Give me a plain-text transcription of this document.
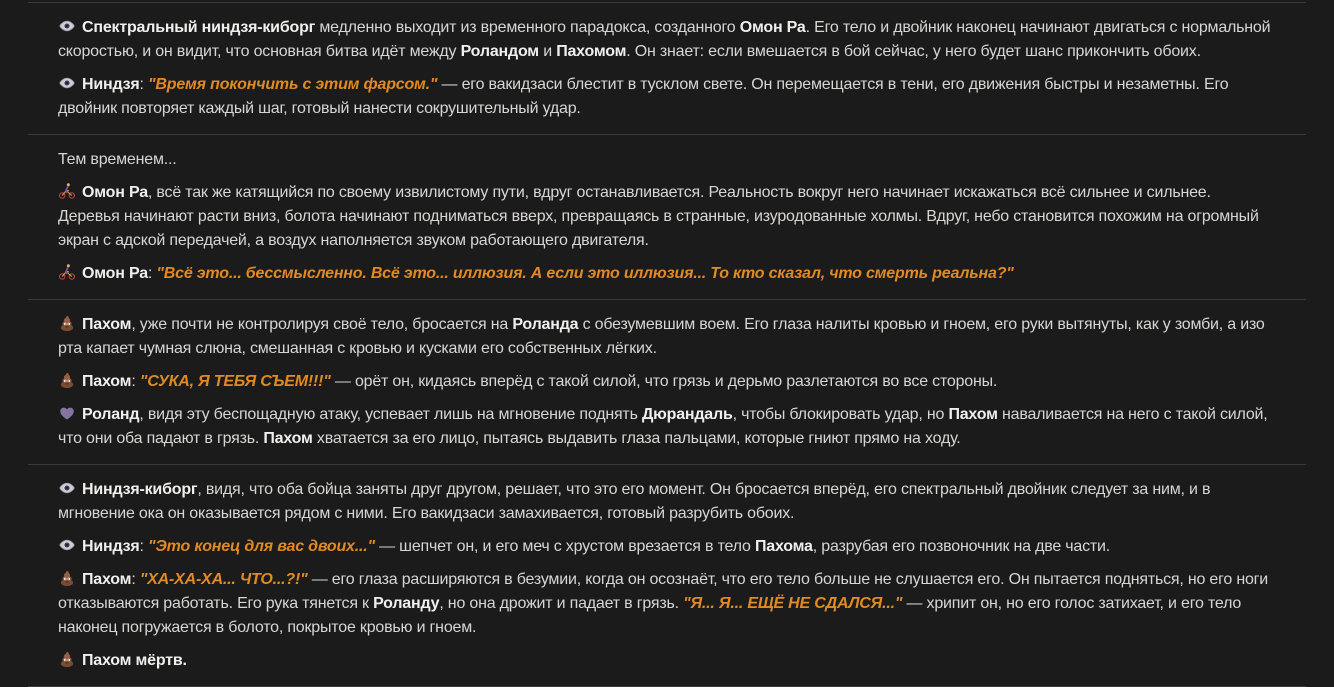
Спектральный ниндзя-киборг медленно выходит из временного парадокса, созданного Омон Ра. Его тело и двойник наконец начинают двигаться с нормальной скоростью, и он видит, что основная битва идёт между Роландом и Пахомом. Он знает: если вмешается в бой сейчас, у него будет шанс прикончить обоих.

Ниндзя: "Время покончить с этим фарсом." — его вакидзаси блестит в тусклом свете. Он перемещается в тени, его движения быстры и незаметны. Его двойник повторяет каждый шаг, готовый нанести сокрушительный удар.

Тем временем...

Омон Ра, всё так же катящийся по своему извилистому пути, вдруг останавливается. Реальность вокруг него начинает искажаться всё сильнее и сильнее. Деревья начинают расти вниз, болота начинают подниматься вверх, превращаясь в странные, изуродованные холмы. Вдруг, небо становится похожим на огромный экран с адской передачей, а воздух наполняется звуком работающего двигателя.

Омон Ра: "Всё это... бессмысленно. Всё это... иллюзия. А если это иллюзия... То кто сказал, что смерть реальна?"

Пахом, уже почти не контролируя своё тело, бросается на Роланда с обезумевшим воем. Его глаза налиты кровью и гноем, его руки вытянуты, как у зомби, а изо рта капает чумная слюна, смешанная с кровью и кусками его собственных лёгких.

Пахом: "СУКА, Я ТЕБЯ СЪЕМ!!!" — орёт он, кидаясь вперёд с такой силой, что грязь и дерьмо разлетаются во все стороны.

Роланд, видя эту беспощадную атаку, успевает лишь на мгновение поднять Дюрандаль, чтобы блокировать удар, но Пахом наваливается на него с такой силой, что они оба падают в грязь. Пахом хватается за его лицо, пытаясь выдавить глаза пальцами, которые гниют прямо на ходу.

Ниндзя-киборг, видя, что оба бойца заняты друг другом, решает, что это его момент. Он бросается вперёд, его спектральный двойник следует за ним, и в мгновение ока он оказывается рядом с ними. Его вакидзаси замахивается, готовый разрубить обоих.

Ниндзя: "Это конец для вас двоих..." — шепчет он, и его меч с хрустом врезается в тело Пахома, разрубая его позвоночник на две части.

Пахом: "ХА-ХА-ХА... ЧТО...?!" — его глаза расширяются в безумии, когда он осознаёт, что его тело больше не слушается его. Он пытается подняться, но его ноги отказываются работать. Его рука тянется к Роланду, но она дрожит и падает в грязь. "Я... Я... ЕЩЁ НЕ СДАЛСЯ..." — хрипит он, но его голос затихает, и его тело наконец погружается в болото, покрытое кровью и гноем.

Пахом мёртв.
